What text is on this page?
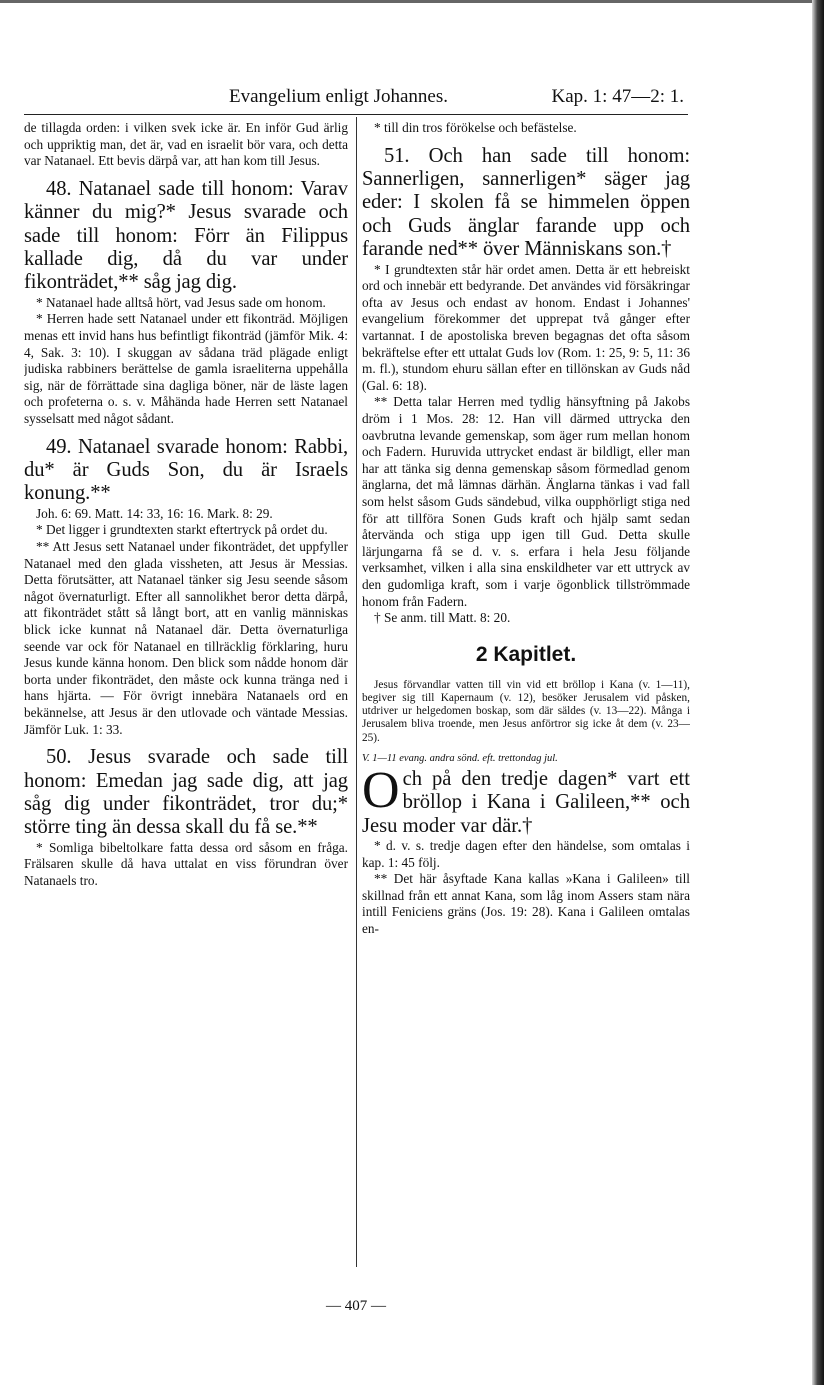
Evangelium enligt Johannes.	Kap. 1: 47—2: 1.

de tillagda orden: i vilken svek icke är. En inför Gud ärlig och uppriktig man, det är, vad en israelit bör vara, och detta var Natanael. Ett bevis därpå var, att han kom till Jesus.

48. Natanael sade till honom: Varav känner du mig?* Jesus svarade och sade till honom: Förr än Filippus kallade dig, då du var under fikonträdet,** såg jag dig.

* Natanael hade alltså hört, vad Jesus sade om honom.

* Herren hade sett Natanael under ett fikonträd. Möjligen menas ett invid hans hus befintligt fikonträd (jämför Mik. 4: 4, Sak. 3: 10). I skuggan av sådana träd plägade enligt judiska rabbiners berättelse de gamla israeliterna uppehålla sig, när de förrättade sina dagliga böner, när de läste lagen och profeterna o. s. v. Måhända hade Herren sett Natanael sysselsatt med något sådant.

49. Natanael svarade honom: Rabbi, du* är Guds Son, du är Israels konung.**

Joh. 6: 69. Matt. 14: 33, 16: 16. Mark. 8: 29.

* Det ligger i grundtexten starkt eftertryck på ordet du.

** Att Jesus sett Natanael under fikonträdet, det uppfyller Natanael med den glada vissheten, att Jesus är Messias. Detta förutsätter, att Natanael tänker sig Jesu seende såsom något övernaturligt. Efter all sannolikhet beror detta därpå, att fikonträdet stått så långt bort, att en vanlig människas blick icke kunnat nå Natanael där. Detta övernaturliga seende var ock för Natanael en tillräcklig förklaring, huru Jesus kunde känna honom. Den blick som nådde honom där borta under fikonträdet, den måste ock kunna tränga ned i hans hjärta. — För övrigt innebära Natanaels ord en bekännelse, att Jesus är den utlovade och väntade Messias. Jämför Luk. 1: 33.

50. Jesus svarade och sade till honom: Emedan jag sade dig, att jag såg dig under fikonträdet, tror du;* större ting än dessa skall du få se.**

* Somliga bibeltolkare fatta dessa ord såsom en fråga. Frälsaren skulle då hava uttalat en viss förundran över Natanaels tro.

* till din tros förökelse och befästelse.

51. Och han sade till honom: Sannerligen, sannerligen* säger jag eder: I skolen få se himmelen öppen och Guds änglar farande upp och farande ned** över Människans son.†

* I grundtexten står här ordet amen. Detta är ett hebreiskt ord och innebär ett bedyrande. Det användes vid försäkringar ofta av Jesus och endast av honom. Endast i Johannes' evangelium förekommer det upprepat två gånger efter vartannat. I de apostoliska breven begagnas det ofta såsom bekräftelse efter ett uttalat Guds lov (Rom. 1: 25, 9: 5, 11: 36 m. fl.), stundom ehuru sällan efter en tillönskan av Guds nåd (Gal. 6: 18).

** Detta talar Herren med tydlig hänsyftning på Jakobs dröm i 1 Mos. 28: 12. Han vill därmed uttrycka den oavbrutna levande gemenskap, som äger rum mellan honom och Fadern. Huruvida uttrycket endast är bildligt, eller man har att tänka sig denna gemenskap såsom förmedlad genom änglarna, det må lämnas därhän. Änglarna tänkas i vad fall som helst såsom Guds sändebud, vilka oupphörligt stiga ned för att tillföra Sonen Guds kraft och hjälp samt sedan återvända och stiga upp igen till Gud. Detta skulle lärjungarna få se d. v. s. erfara i hela Jesu följande verksamhet, vilken i alla sina enskildheter var ett uttryck av den gudomliga kraft, som i varje ögonblick tillströmmade honom från Fadern.

† Se anm. till Matt. 8: 20.

2 Kapitlet.

Jesus förvandlar vatten till vin vid ett bröllop i Kana (v. 1—11), begiver sig till Kapernaum (v. 12), besöker Jerusalem vid påsken, utdriver ur helgedomen boskap, som där säldes (v. 13—22). Många i Jerusalem bliva troende, men Jesus anförtror sig icke åt dem (v. 23—25).

V. 1—11 evang. andra sönd. eft. trettondag jul.

O ch på den tredje dagen* vart ett bröllop i Kana i Galileen,** och Jesu moder var där.†

* d. v. s. tredje dagen efter den händelse, som omtalas i kap. 1: 45 följ.

** Det här åsyftade Kana kallas »Kana i Galileen» till skillnad från ett annat Kana, som låg inom Assers stam nära intill Feniciens gräns (Jos. 19: 28). Kana i Galileen omtalas en-

— 407 —
